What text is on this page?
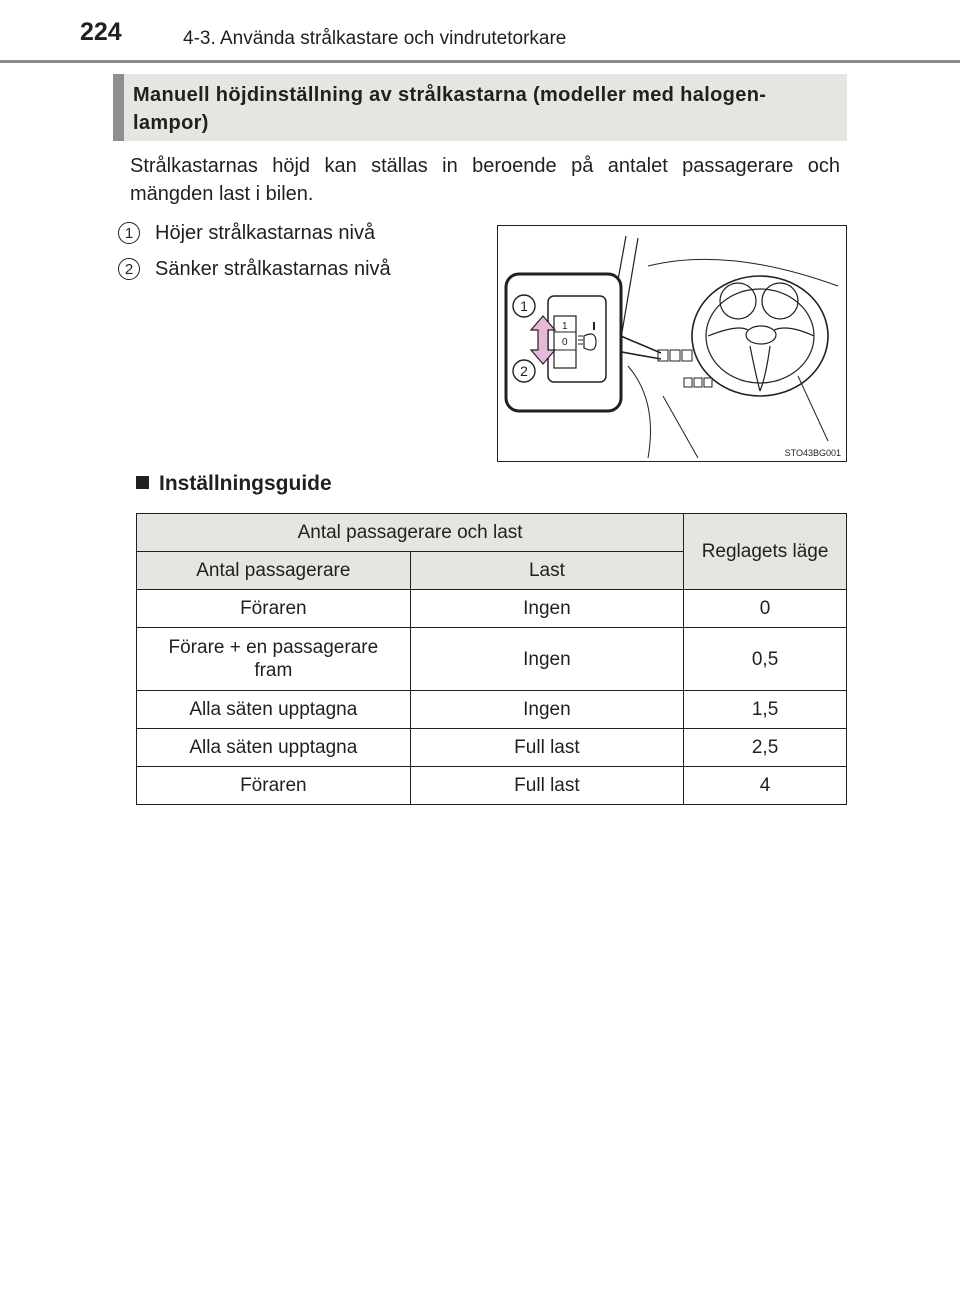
224	4-3. Använda strålkastare och vindrutetorkare
Manuell höjdinställning av strålkastarna (modeller med halogen-lampor)
Strålkastarnas höjd kan ställas in beroende på antalet passagerare och mängden last i bilen.
1	Höjer strålkastarnas nivå
2	Sänker strålkastarnas nivå
1
0
1
2
STO43BG001
Inställningsguide
Antal passagerare och last		Reglagets läge
Antal passagerare	Last	
Föraren	Ingen	0
Förare + en passagerare fram	Ingen	0,5
Alla säten upptagna	Ingen	1,5
Alla säten upptagna	Full last	2,5
Föraren	Full last	4
